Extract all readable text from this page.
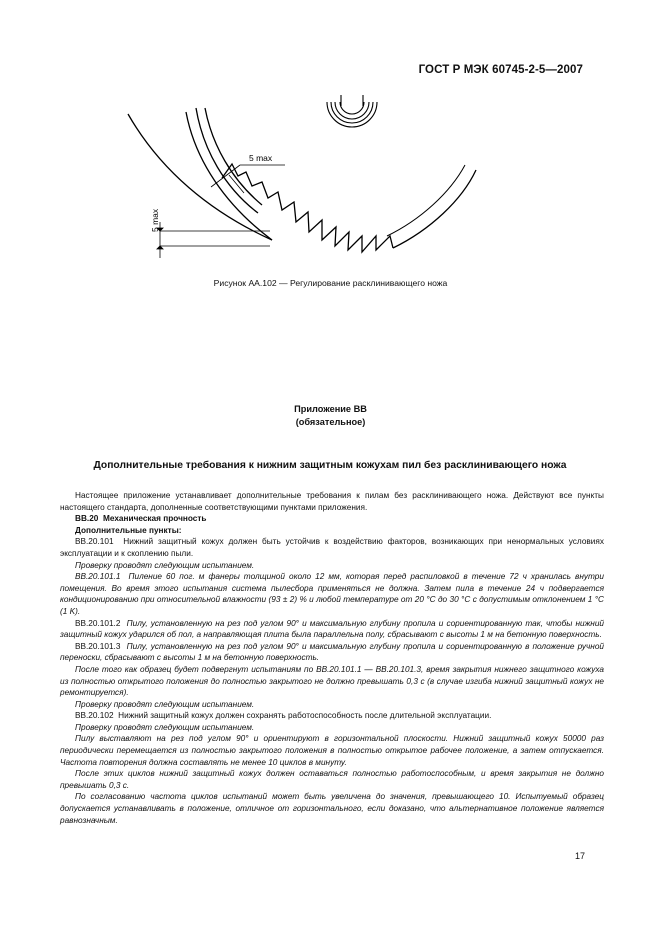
ГОСТ Р МЭК 60745-2-5—2007
5 max
5 max
Рисунок АА.102 — Регулирование расклинивающего ножа
Приложение ВВ
(обязательное)
Дополнительные требования к нижним защитным кожухам пил без расклинивающего ножа

Настоящее приложение устанавливает дополнительные требования к пилам без расклинивающего ножа. Действуют все пункты настоящего стандарта, дополненные соответствующими пунктами приложения.

ВВ.20 Механическая прочность

Дополнительные пункты:

ВВ.20.101 Нижний защитный кожух должен быть устойчив к воздействию факторов, возникающих при ненормальных условиях эксплуатации и к скоплению пыли.

Проверку проводят следующим испытанием.

ВВ.20.101.1 Пиление 60 пог. м фанеры толщиной около 12 мм, которая перед распиловкой в течение 72 ч хранилась внутри помещения. Во время этого испытания система пылесбора применяться не должна. Затем пила в течение 24 ч подвергается кондиционированию при относительной влажности (93 ± 2) % и любой температуре от 20 °С до 30 °С с допустимым отклонением 1 °С (1 K).

ВВ.20.101.2 Пилу, установленную на рез под углом 90° и максимальную глубину пропила и сориентированную так, чтобы нижний защитный кожух ударился об пол, а направляющая плита была параллельна полу, сбрасывают с высоты 1 м на бетонную поверхность.

ВВ.20.101.3 Пилу, установленную на рез под углом 90° и максимальную глубину пропила и сориентированную в положение ручной переноски, сбрасывают с высоты 1 м на бетонную поверхность.

После того как образец будет подвергнут испытаниям по ВВ.20.101.1 — ВВ.20.101.3, время закрытия нижнего защитного кожуха из полностью открытого положения до полностью закрытого не должно превышать 0,3 с (в случае изгиба нижний защитный кожух не ремонтируется).

Проверку проводят следующим испытанием.

ВВ.20.102 Нижний защитный кожух должен сохранять работоспособность после длительной эксплуатации.

Проверку проводят следующим испытанием.

Пилу выставляют на рез под углом 90° и ориентируют в горизонтальной плоскости. Нижний защитный кожух 50000 раз периодически перемещается из полностью закрытого положения в полностью открытое рабочее положение, а затем отпускается. Частота повторения должна составлять не менее 10 циклов в минуту.

После этих циклов нижний защитный кожух должен оставаться полностью работоспособным, и время закрытия не должно превышать 0,3 с.

По согласованию частота циклов испытаний может быть увеличена до значения, превышающего 10. Испытуемый образец допускается устанавливать в положение, отличное от горизонтального, если доказано, что альтернативное положение является равнозначным.

17
